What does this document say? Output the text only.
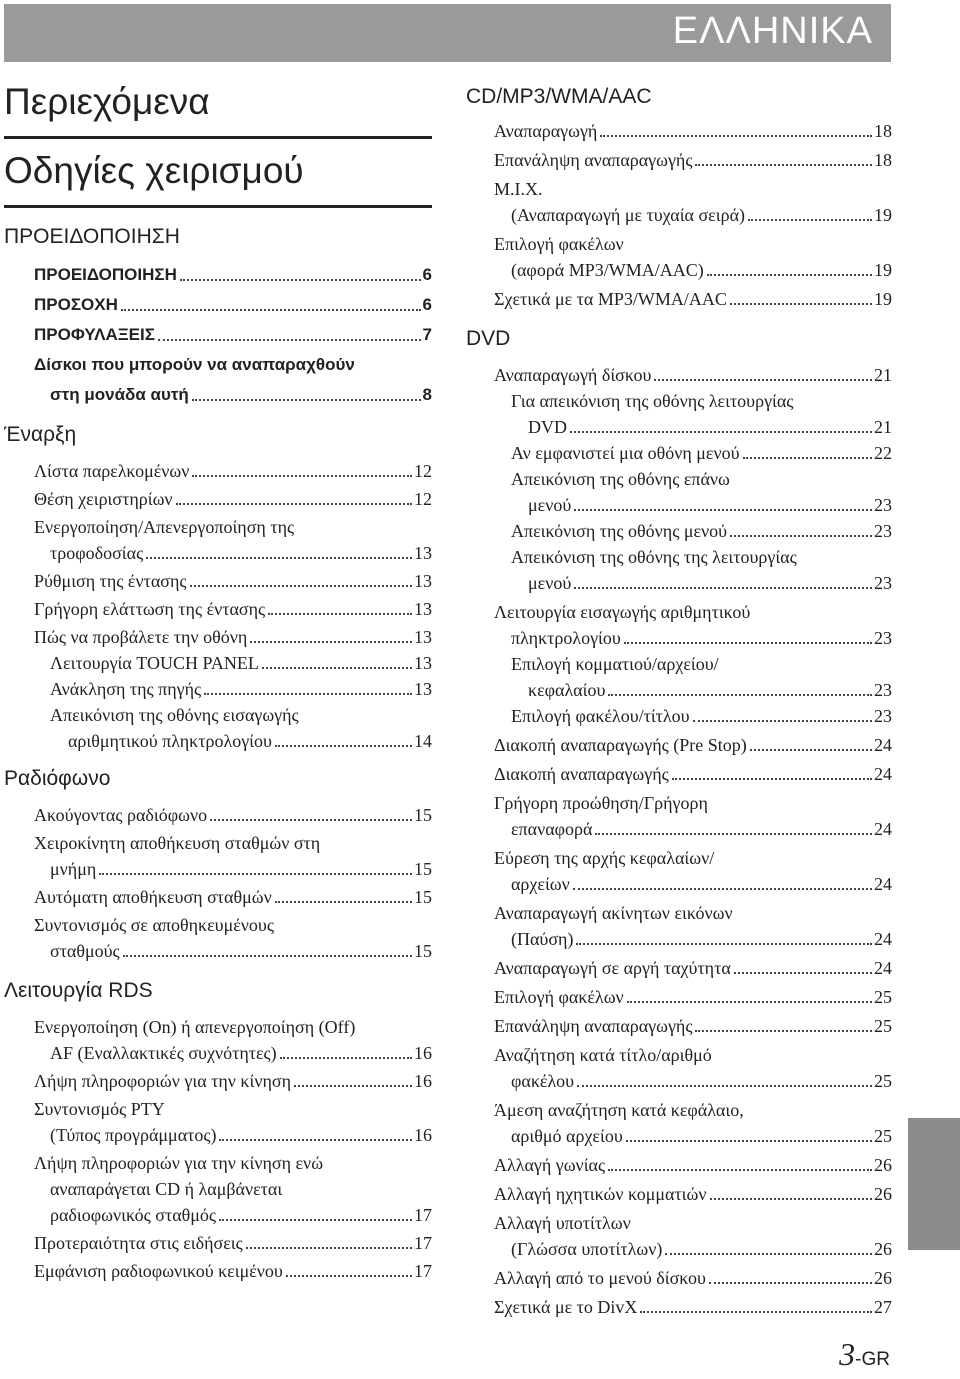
ΕΛΛΗΝΙΚΑ
Περιεχόμενα
Οδηγίες χειρισμού
ΠΡΟΕΙΔΟΠΟΙΗΣΗ
ΠΡΟΕΙΔΟΠΟΙΗΣΗ	6
ΠΡΟΣΟΧΗ	6
ΠΡΟΦΥΛΑΞΕΙΣ	7
Δίσκοι που μπορούν να αναπαραχθούν
στη μονάδα αυτή	8
Έναρξη
Λίστα παρελκομένων	12
Θέση χειριστηρίων	12
Ενεργοποίηση/Απενεργοποίηση της
τροφοδοσίας	13
Ρύθμιση της έντασης	13
Γρήγορη ελάττωση της έντασης	13
Πώς να προβάλετε την οθόνη	13
Λειτουργία TOUCH PANEL	13
Ανάκληση της πηγής	13
Απεικόνιση της οθόνης εισαγωγής
αριθμητικού πληκτρολογίου	14
Ραδιόφωνο
Ακούγοντας ραδιόφωνο	15
Χειροκίνητη αποθήκευση σταθμών στη
μνήμη	15
Αυτόματη αποθήκευση σταθμών	15
Συντονισμός σε αποθηκευμένους
σταθμούς	15
Λειτουργία RDS
Ενεργοποίηση (On) ή απενεργοποίηση (Off)
AF (Εναλλακτικές συχνότητες)	16
Λήψη πληροφοριών για την κίνηση	16
Συντονισμός PTY
(Τύπος προγράμματος)	16
Λήψη πληροφοριών για την κίνηση ενώ
αναπαράγεται CD ή λαμβάνεται
ραδιοφωνικός σταθμός	17
Προτεραιότητα στις ειδήσεις	17
Εμφάνιση ραδιοφωνικού κειμένου	17
CD/MP3/WMA/AAC
Αναπαραγωγή	18
Επανάληψη αναπαραγωγής	18
M.I.X.
(Αναπαραγωγή με τυχαία σειρά)	19
Επιλογή φακέλων
(αφορά MP3/WMA/AAC)	19
Σχετικά με τα MP3/WMA/AAC	19
DVD
Αναπαραγωγή δίσκου	21
Για απεικόνιση της οθόνης λειτουργίας
DVD	21
Αν εμφανιστεί μια οθόνη μενού	22
Απεικόνιση της οθόνης επάνω
μενού	23
Απεικόνιση της οθόνης μενού	23
Απεικόνιση της οθόνης της λειτουργίας
μενού	23
Λειτουργία εισαγωγής αριθμητικού
πληκτρολογίου	23
Επιλογή κομματιού/αρχείου/
κεφαλαίου	23
Επιλογή φακέλου/τίτλου	23
Διακοπή αναπαραγωγής (Pre Stop)	24
Διακοπή αναπαραγωγής	24
Γρήγορη προώθηση/Γρήγορη
επαναφορά	24
Εύρεση της αρχής κεφαλαίων/
αρχείων	24
Αναπαραγωγή ακίνητων εικόνων
(Παύση)	24
Αναπαραγωγή σε αργή ταχύτητα	24
Επιλογή φακέλων	25
Επανάληψη αναπαραγωγής	25
Αναζήτηση κατά τίτλο/αριθμό
φακέλου	25
Άμεση αναζήτηση κατά κεφάλαιο,
αριθμό αρχείου	25
Αλλαγή γωνίας	26
Αλλαγή ηχητικών κομματιών	26
Αλλαγή υποτίτλων
(Γλώσσα υποτίτλων)	26
Αλλαγή από το μενού δίσκου	26
Σχετικά με το DivX	27
3-GR
